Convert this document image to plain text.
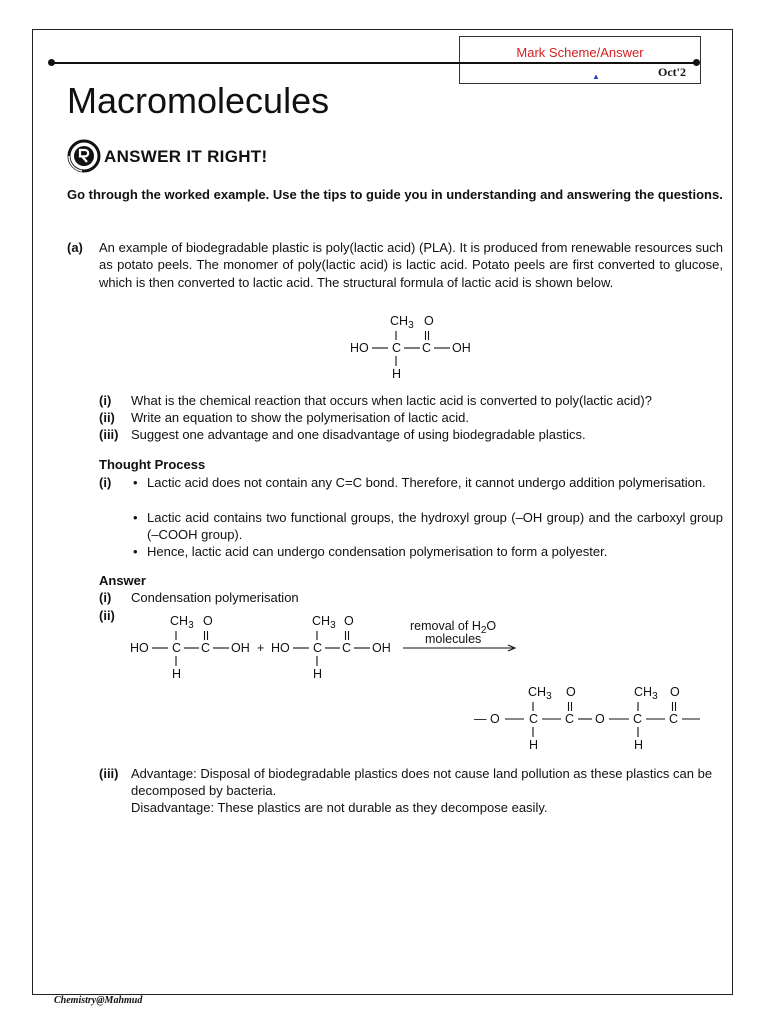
Mark Scheme/Answer
▲	Oct'2
Macromolecules
ANSWER IT RIGHT!
Go through the worked example. Use the tips to guide you in understanding and answering the questions.
(a) An example of biodegradable plastic is poly(lactic acid) (PLA). It is produced from renewable resources such as potato peels. The monomer of poly(lactic acid) is lactic acid. Potato peels are first converted to glucose, which is then converted to lactic acid. The structural formula of lactic acid is shown below.
$CH_3$ O
HO C C OH
H
(i) What is the chemical reaction that occurs when lactic acid is converted to poly(lactic acid)?
(ii) Write an equation to show the polymerisation of lactic acid.
(iii) Suggest one advantage and one disadvantage of using biodegradable plastics.
Thought Process
(i) • Lactic acid does not contain any C=C bond. Therefore, it cannot undergo addition polymerisation.
• Lactic acid contains two functional groups, the hydroxyl group (–OH group) and the carboxyl group (–COOH group).
• Hence, lactic acid can undergo condensation polymerisation to form a polyester.
Answer
(i) Condensation polymerisation
(ii)	$CH_3$ O
HO C C OH
H
+
$CH_3$ O
HO C C OH
H
removal of $H_2O$
molecules
$CH_3$ O
— O C C O
H
$CH_3$ O
C C
H
(iii) Advantage: Disposal of biodegradable plastics does not cause land pollution as these plastics can be decomposed by bacteria.
Disadvantage: These plastics are not durable as they decompose easily.
Chemistry@Mahmud
